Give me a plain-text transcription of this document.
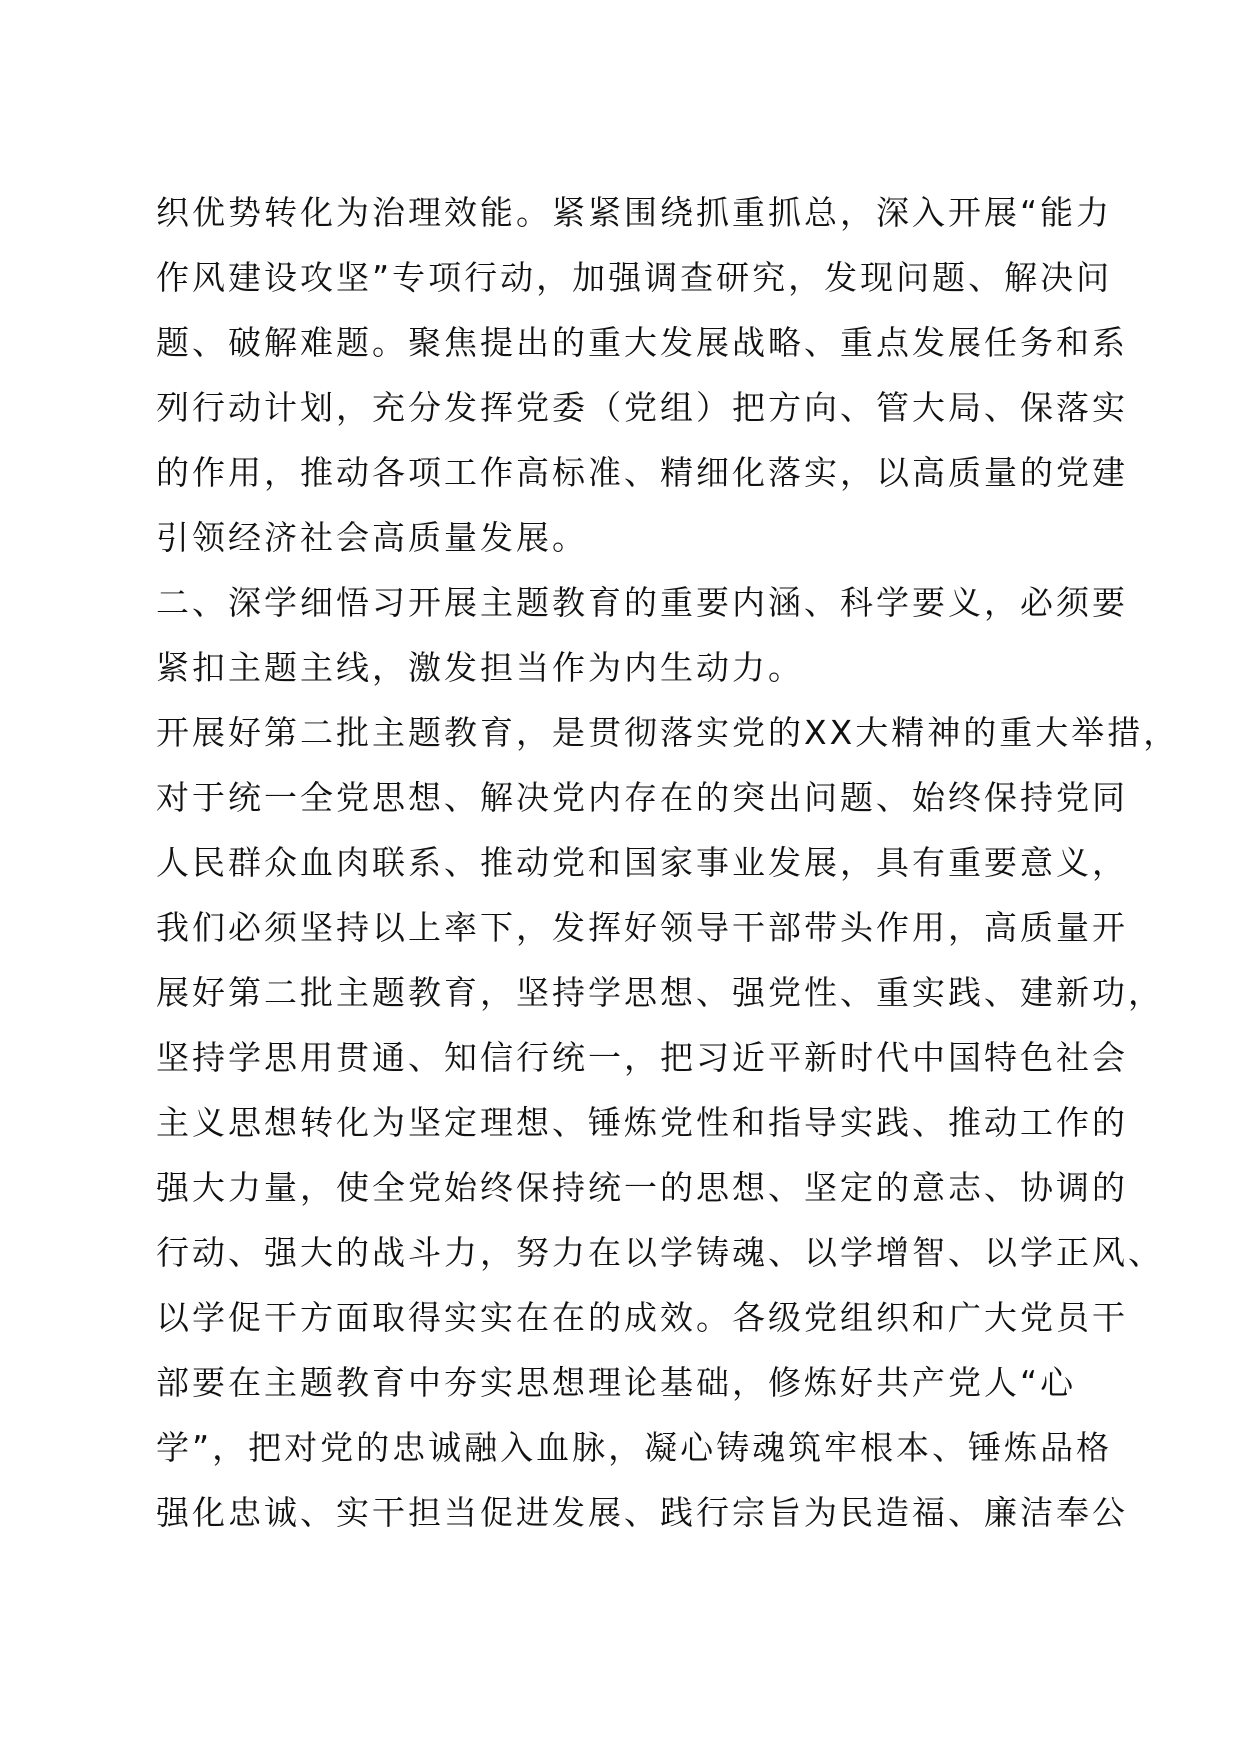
织优势转化为治理效能。紧紧围绕抓重抓总，深入开展“能力
作风建设攻坚”专项行动，加强调查研究，发现问题、解决问
题、破解难题。聚焦提出的重大发展战略、重点发展任务和系
列行动计划，充分发挥党委（党组）把方向、管大局、保落实
的作用，推动各项工作高标准、精细化落实，以高质量的党建
引领经济社会高质量发展。
二、深学细悟习开展主题教育的重要内涵、科学要义，必须要
紧扣主题主线，激发担当作为内生动力。
开展好第二批主题教育，是贯彻落实党的XX大精神的重大举措，
对于统一全党思想、解决党内存在的突出问题、始终保持党同
人民群众血肉联系、推动党和国家事业发展，具有重要意义，
我们必须坚持以上率下，发挥好领导干部带头作用，高质量开
展好第二批主题教育，坚持学思想、强党性、重实践、建新功，
坚持学思用贯通、知信行统一，把习近平新时代中国特色社会
主义思想转化为坚定理想、锤炼党性和指导实践、推动工作的
强大力量，使全党始终保持统一的思想、坚定的意志、协调的
行动、强大的战斗力，努力在以学铸魂、以学增智、以学正风、
以学促干方面取得实实在在的成效。各级党组织和广大党员干
部要在主题教育中夯实思想理论基础，修炼好共产党人“心
学”，把对党的忠诚融入血脉，凝心铸魂筑牢根本、锤炼品格
强化忠诚、实干担当促进发展、践行宗旨为民造福、廉洁奉公
